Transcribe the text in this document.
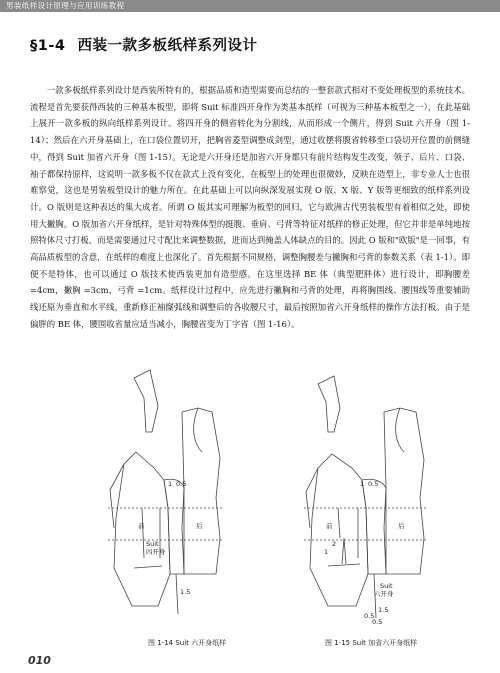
男装纸样设计原理与应用训练教程
§1-4 西装一款多板纸样系列设计

一款多板纸样系列设计是西装所特有的，根据品质和造型需要而总结的一整套款式相对不变处理板型的系统技术。流程是首先要获得西装的三种基本板型，即将 Suit 标准四开身作为类基本纸样（可视为三种基本板型之一），在此基础上展开一款多板的纵向纸样系列设计。将四开身的侧省转化为分割线，从而形成一个侧片，得到 Suit 六开身（图 1-14）；然后在六开身基础上，在口袋位置切开，把胸省菱型调整成剑型，通过收摆将腹省转移至口袋切开位置的前侧缝中，得到 Suit 加省六开身（图 1-15）。无论是六开身还是加省六开身都只有前片结构发生改变，领子、后片、口袋、袖子都保持原样，这说明一款多板不仅在款式上没有变化，在板型上的处理也很微妙，反映在造型上，非专业人士也很难察觉，这也是男装板型设计的魅力所在。在此基础上可以向纵深发展实现 O 版、X 版、Y 版等更细致的纸样系列设计。O 版则是这种表达的集大成者。所谓 O 版其实可理解为板型的回归，它与欧洲古代男装板型有着相似之处，即使用大撇胸。O 版加省六开身纸样，是针对特殊体型的挺腹、垂肩、弓背等特征对纸样的修正处理，但它并非是单纯地按照特体尺寸打板，而是需要通过尺寸配比来调整数据，进而达到掩盖人体缺点的目的。因此 O 版和"欧版"是一回事，有高品质板型的含意，在纸样的难度上也深化了。首先根据不同规格，调整胸腰差与撇胸和弓背的参数关系（表 1-1）。即便不是特体，也可以通过 O 版技术使西装更加有造型感。在这里选择 BE 体（典型肥胖体）进行设计，即胸腰差 =4cm，撇胸 =3cm，弓背 =1cm。纸样设计过程中，应先进行撇胸和弓背的处理，再将胸围线、腰围线等重要辅助线还原为垂直和水平线，重新修正袖窿弧线和调整后的各收腰尺寸，最后按照加省六开身纸样的操作方法打板。由于是偏胖的 BE 体，腰围收省量应适当减小，胸腰省变为丁字省（图 1-16）。

前	后
Suit
四开身
1 0.5
1.5
图 1-14 Suit 六开身纸样
前	后
Suit
六开身
1 0.5
2
1
1.5
0.5
0.5
图 1-15 Suit 加省六开身纸样
010
